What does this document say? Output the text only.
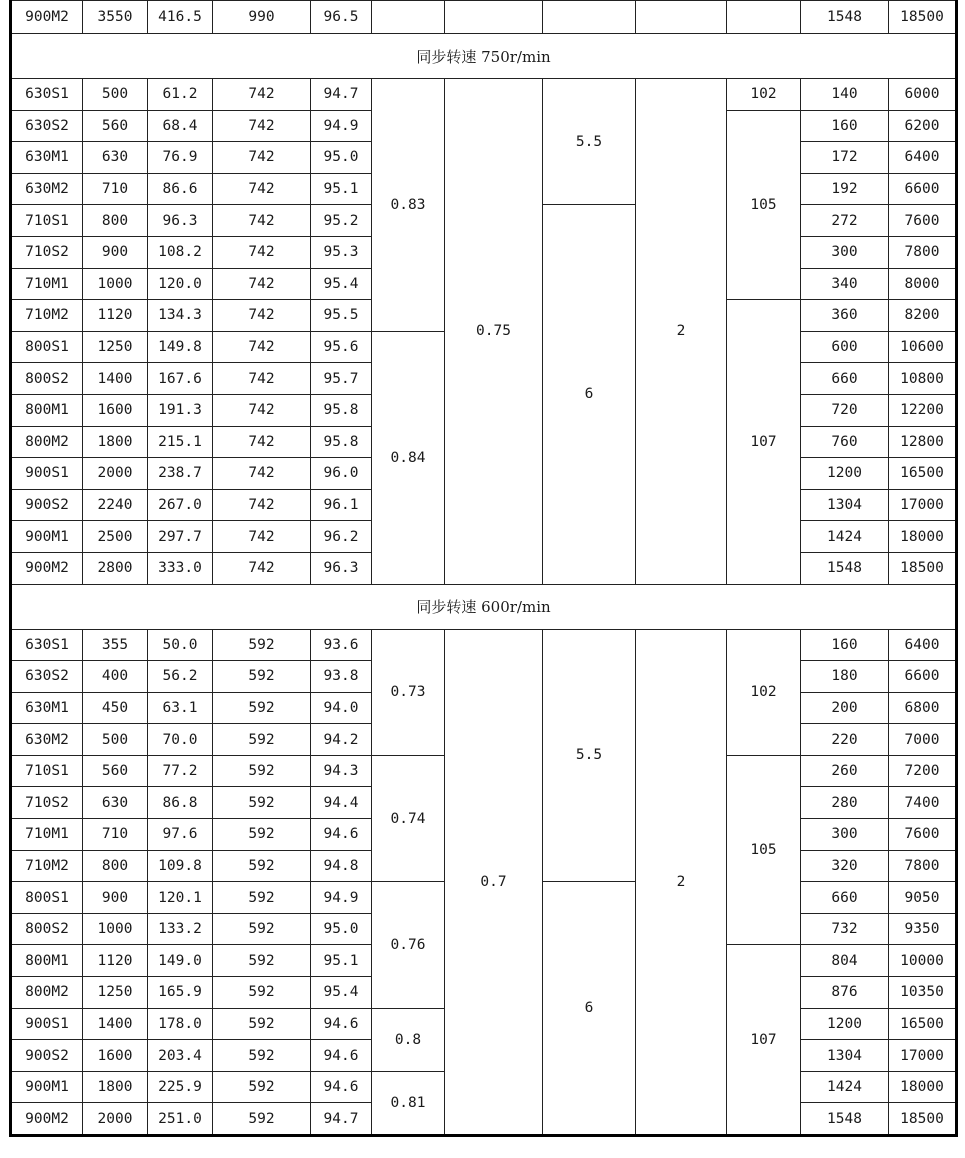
900M2	3550	416.5	990	96.5						1548	18500
同步转速 750r/min											
630S1	500	61.2	742	94.7	0.83	0.75	5.5	2	102	140	6000
630S2	560	68.4	742	94.9					105	160	6200
630M1	630	76.9	742	95.0						172	6400
630M2	710	86.6	742	95.1						192	6600
710S1	800	96.3	742	95.2			6			272	7600
710S2	900	108.2	742	95.3						300	7800
710M1	1000	120.0	742	95.4						340	8000
710M2	1120	134.3	742	95.5					107	360	8200
800S1	1250	149.8	742	95.6	0.84					600	10600
800S2	1400	167.6	742	95.7						660	10800
800M1	1600	191.3	742	95.8						720	12200
800M2	1800	215.1	742	95.8						760	12800
900S1	2000	238.7	742	96.0						1200	16500
900S2	2240	267.0	742	96.1						1304	17000
900M1	2500	297.7	742	96.2						1424	18000
900M2	2800	333.0	742	96.3						1548	18500
同步转速 600r/min											
630S1	355	50.0	592	93.6	0.73	0.7	5.5	2	102	160	6400
630S2	400	56.2	592	93.8						180	6600
630M1	450	63.1	592	94.0						200	6800
630M2	500	70.0	592	94.2						220	7000
710S1	560	77.2	592	94.3	0.74				105	260	7200
710S2	630	86.8	592	94.4						280	7400
710M1	710	97.6	592	94.6						300	7600
710M2	800	109.8	592	94.8						320	7800
800S1	900	120.1	592	94.9	0.76		6			660	9050
800S2	1000	133.2	592	95.0						732	9350
800M1	1120	149.0	592	95.1					107	804	10000
800M2	1250	165.9	592	95.4						876	10350
900S1	1400	178.0	592	94.6	0.8					1200	16500
900S2	1600	203.4	592	94.6						1304	17000
900M1	1800	225.9	592	94.6	0.81					1424	18000
900M2	2000	251.0	592	94.7						1548	18500
